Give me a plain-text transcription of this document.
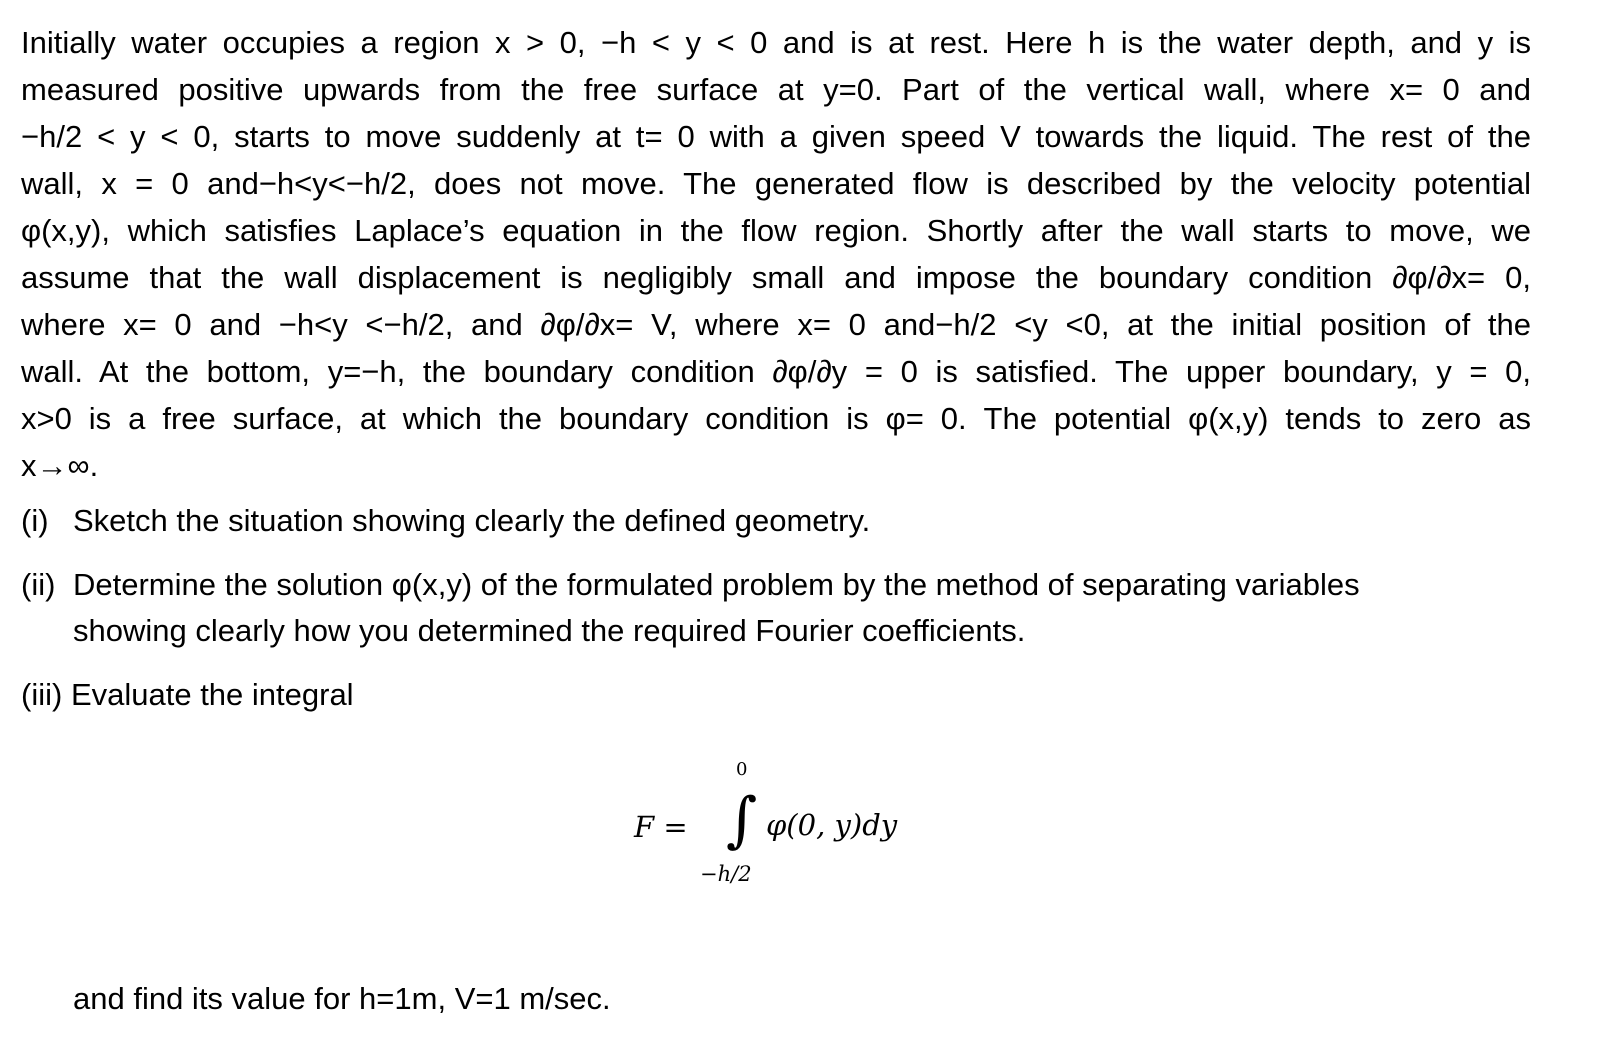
Initially water occupies a region x > 0, −h < y < 0 and is at rest. Here h is the water depth, and y is
measured positive upwards from the free surface at y=0. Part of the vertical wall, where x= 0 and
−h/2 < y < 0, starts to move suddenly at t= 0 with a given speed V towards the liquid. The rest of the
wall, x = 0 and−h<y<−h/2, does not move. The generated flow is described by the velocity potential
φ(x,y), which satisfies Laplace’s equation in the flow region. Shortly after the wall starts to move, we
assume that the wall displacement is negligibly small and impose the boundary condition ∂φ/∂x= 0,
where x= 0 and −h<y <−h/2, and ∂φ/∂x= V, where x= 0 and−h/2 <y <0, at the initial position of the
wall. At the bottom, y=−h, the boundary condition ∂φ/∂y = 0 is satisfied. The upper boundary, y = 0,
x>0 is a free surface, at which the boundary condition is φ= 0. The potential φ(x,y) tends to zero as
x→∞.
(i) Sketch the situation showing clearly the defined geometry.
(ii) Determine the solution φ(x,y) of the formulated problem by the method of separating variables
showing clearly how you determined the required Fourier coefficients.
(iii) Evaluate the integral
F =
0
∫
−h/2
φ(0, y)dy
and find its value for h=1m, V=1 m/sec.
